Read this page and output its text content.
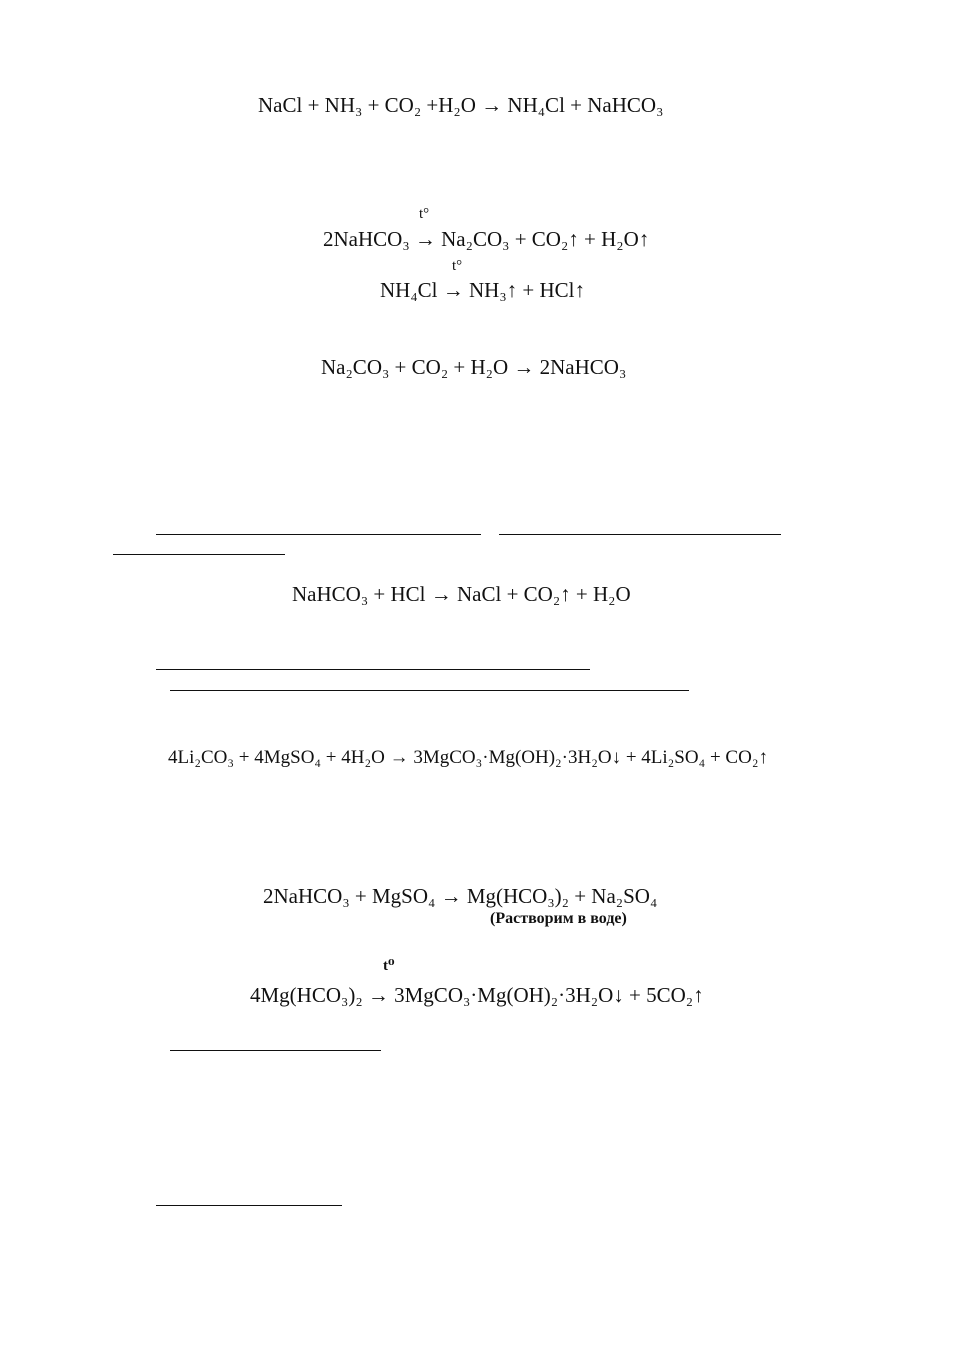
NaCl + NH₃ + CO₂ +H₂O → NH₄Cl + NaHCO₃
t°
2NaHCO₃ → Na₂CO₃ + CO₂↑ + H₂O↑
t°
NH₄Cl → NH₃↑ + HCl↑
Na₂CO₃ + CO₂ + H₂O → 2NaHCO₃
NaHCO₃ + HCl → NaCl + CO₂↑ + H₂O
4Li₂CO₃ + 4MgSO₄ + 4H₂O → 3MgCO₃·Mg(OH)₂·3H₂O↓ + 4Li₂SO₄ + CO₂↑
2NaHCO₃ + MgSO₄ → Mg(HCO₃)₂ + Na₂SO₄
(Растворим в воде)
t⁰
4Mg(HCO₃)₂ → 3MgCO₃·Mg(OH)₂·3H₂O↓ + 5CO₂↑
